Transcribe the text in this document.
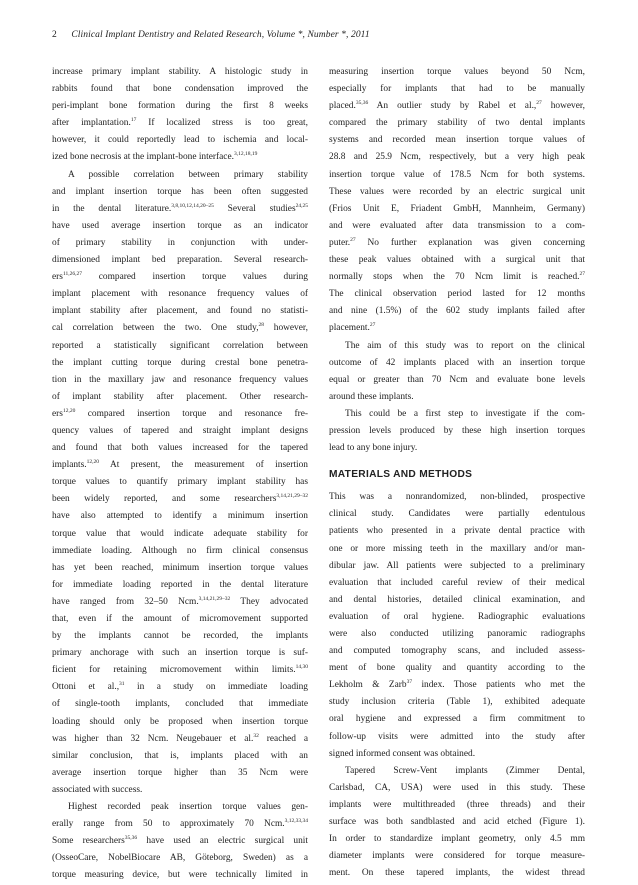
2 Clinical Implant Dentistry and Related Research, Volume *, Number *, 2011
increase primary implant stability. A histologic study in
rabbits found that bone condensation improved the
peri-implant bone formation during the first 8 weeks
after implantation.$^{17}$ If localized stress is too great,
however, it could reportedly lead to ischemia and local-
ized bone necrosis at the implant-bone interface.$^{3,12,18,19}$
A possible correlation between primary stability
and implant insertion torque has been often suggested
in the dental literature.$^{3,8,10,12,14,20-25}$ Several studies$^{24,25}$
have used average insertion torque as an indicator
of primary stability in conjunction with under-
dimensioned implant bed preparation. Several research-
ers$^{11,26,27}$ compared insertion torque values during
implant placement with resonance frequency values of
implant stability after placement, and found no statisti-
cal correlation between the two. One study,$^{28}$ however,
reported a statistically significant correlation between
the implant cutting torque during crestal bone penetra-
tion in the maxillary jaw and resonance frequency values
of implant stability after placement. Other research-
ers$^{12,20}$ compared insertion torque and resonance fre-
quency values of tapered and straight implant designs
and found that both values increased for the tapered
implants.$^{12,20}$ At present, the measurement of insertion
torque values to quantify primary implant stability has
been widely reported, and some researchers$^{3,14,21,29-32}$
have also attempted to identify a minimum insertion
torque value that would indicate adequate stability for
immediate loading. Although no firm clinical consensus
has yet been reached, minimum insertion torque values
for immediate loading reported in the dental literature
have ranged from 32–50 Ncm.$^{3,14,21,29-32}$ They advocated
that, even if the amount of micromovement supported
by the implants cannot be recorded, the implants
primary anchorage with such an insertion torque is suf-
ficient for retaining micromovement within limits.$^{14,30}$
Ottoni et al.,$^{31}$ in a study on immediate loading
of single-tooth implants, concluded that immediate
loading should only be proposed when insertion torque
was higher than 32 Ncm. Neugebauer et al.$^{32}$ reached a
similar conclusion, that is, implants placed with an
average insertion torque higher than 35 Ncm were
associated with success.
Highest recorded peak insertion torque values gen-
erally range from 50 to approximately 70 Ncm.$^{3,12,33,34}$
Some researchers$^{35,36}$ have used an electric surgical unit
(OsseoCare, NobelBiocare AB, Göteborg, Sweden) as a
torque measuring device, but were technically limited in
measuring insertion torque values beyond 50 Ncm,
especially for implants that had to be manually
placed.$^{35,36}$ An outlier study by Rabel et al.,$^{27}$ however,
compared the primary stability of two dental implants
systems and recorded mean insertion torque values of
28.8 and 25.9 Ncm, respectively, but a very high peak
insertion torque value of 178.5 Ncm for both systems.
These values were recorded by an electric surgical unit
(Frios Unit E, Friadent GmbH, Mannheim, Germany)
and were evaluated after data transmission to a com-
puter.$^{27}$ No further explanation was given concerning
these peak values obtained with a surgical unit that
normally stops when the 70 Ncm limit is reached.$^{27}$
The clinical observation period lasted for 12 months
and nine (1.5%) of the 602 study implants failed after
placement.$^{27}$
The aim of this study was to report on the clinical
outcome of 42 implants placed with an insertion torque
equal or greater than 70 Ncm and evaluate bone levels
around these implants.
This could be a first step to investigate if the com-
pression levels produced by these high insertion torques
lead to any bone injury.
MATERIALS AND METHODS
This was a nonrandomized, non-blinded, prospective
clinical study. Candidates were partially edentulous
patients who presented in a private dental practice with
one or more missing teeth in the maxillary and/or man-
dibular jaw. All patients were subjected to a preliminary
evaluation that included careful review of their medical
and dental histories, detailed clinical examination, and
evaluation of oral hygiene. Radiographic evaluations
were also conducted utilizing panoramic radiographs
and computed tomography scans, and included assess-
ment of bone quality and quantity according to the
Lekholm & Zarb$^{37}$ index. Those patients who met the
study inclusion criteria (Table 1), exhibited adequate
oral hygiene and expressed a firm commitment to
follow-up visits were admitted into the study after
signed informed consent was obtained.
Tapered Screw-Vent implants (Zimmer Dental,
Carlsbad, CA, USA) were used in this study. These
implants were multithreaded (three threads) and their
surface was both sandblasted and acid etched (Figure 1).
In order to standardize implant geometry, only 4.5 mm
diameter implants were considered for torque measure-
ment. On these tapered implants, the widest thread
